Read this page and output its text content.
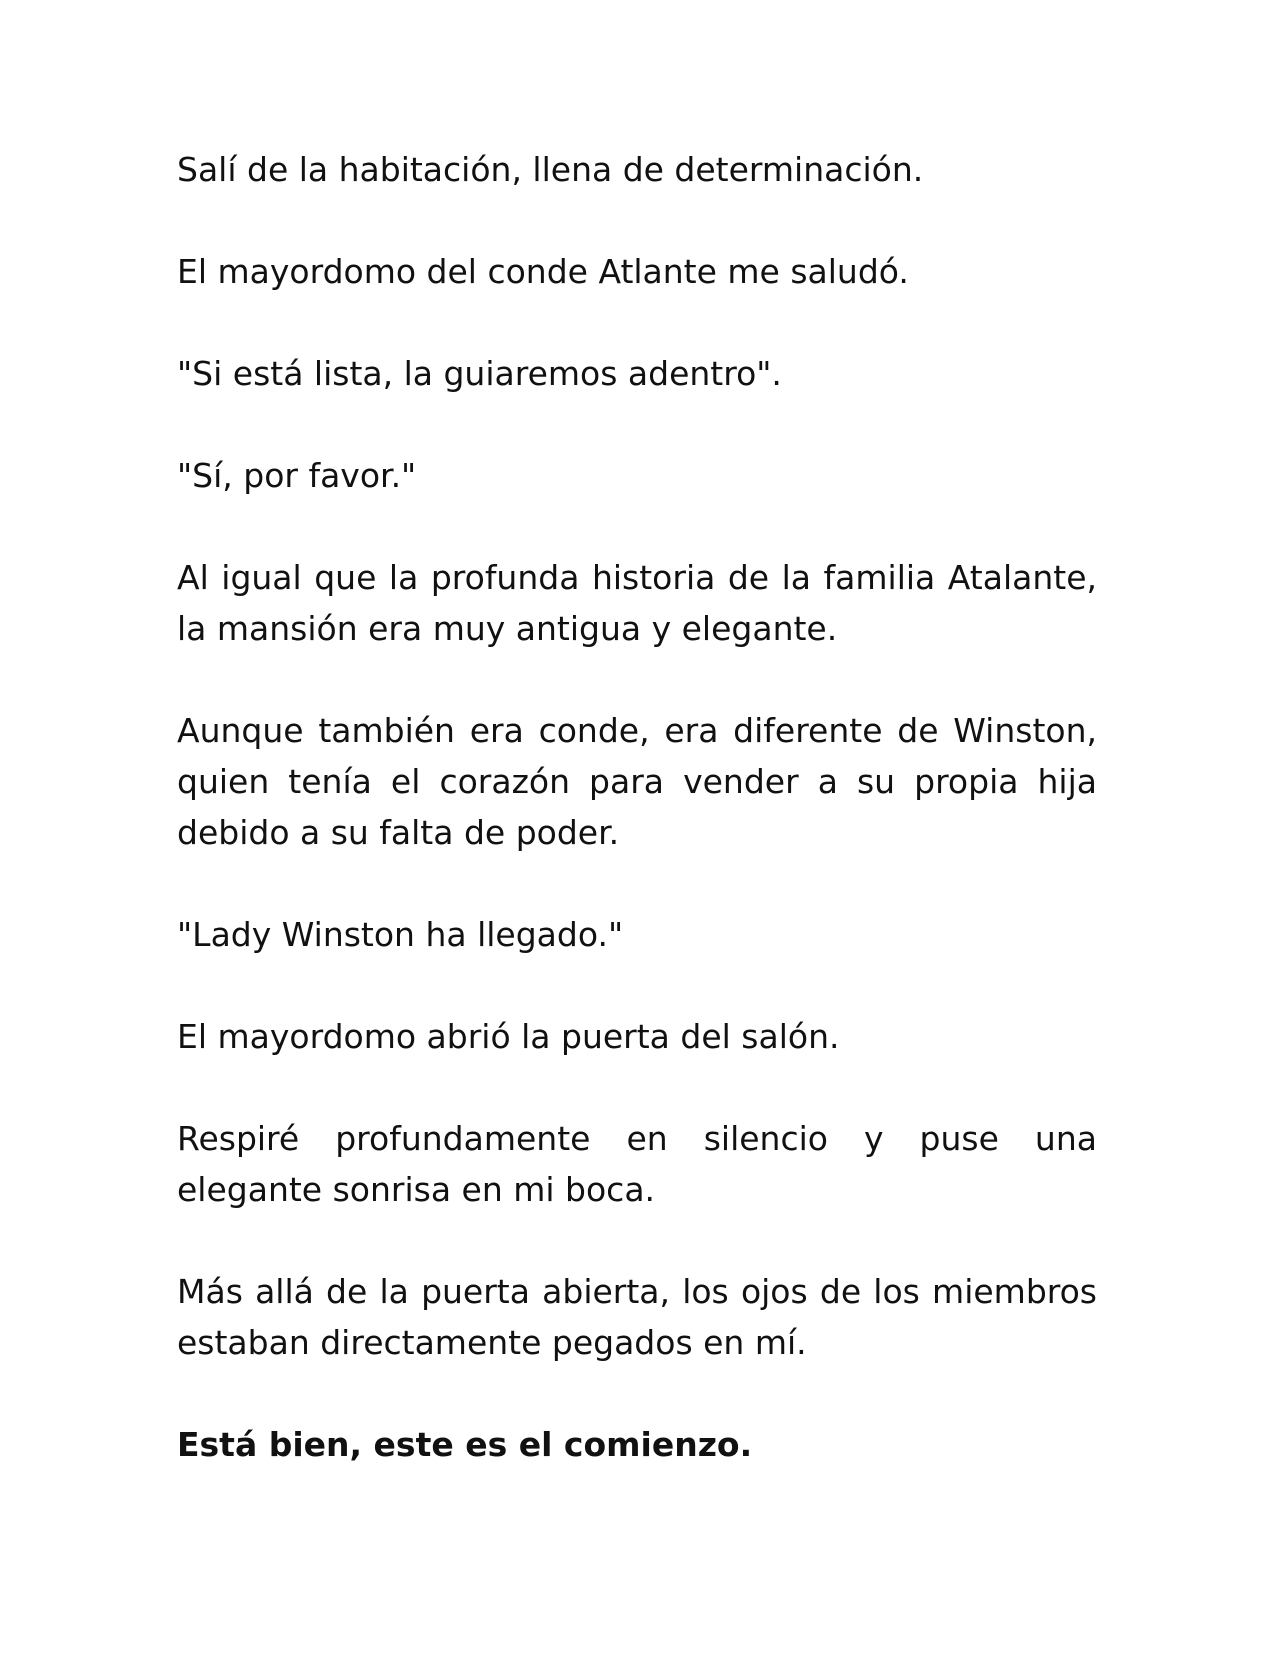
Salí de la habitación, llena de determinación.

El mayordomo del conde Atlante me saludó.

"Si está lista, la guiaremos adentro".

"Sí, por favor."

Al igual que la profunda historia de la familia Atalante, la mansión era muy antigua y elegante.

Aunque también era conde, era diferente de Winston, quien tenía el corazón para vender a su propia hija debido a su falta de poder.

"Lady Winston ha llegado."

El mayordomo abrió la puerta del salón.

Respiré profundamente en silencio y puse una elegante sonrisa en mi boca.

Más allá de la puerta abierta, los ojos de los miembros estaban directamente pegados en mí.

Está bien, este es el comienzo.
